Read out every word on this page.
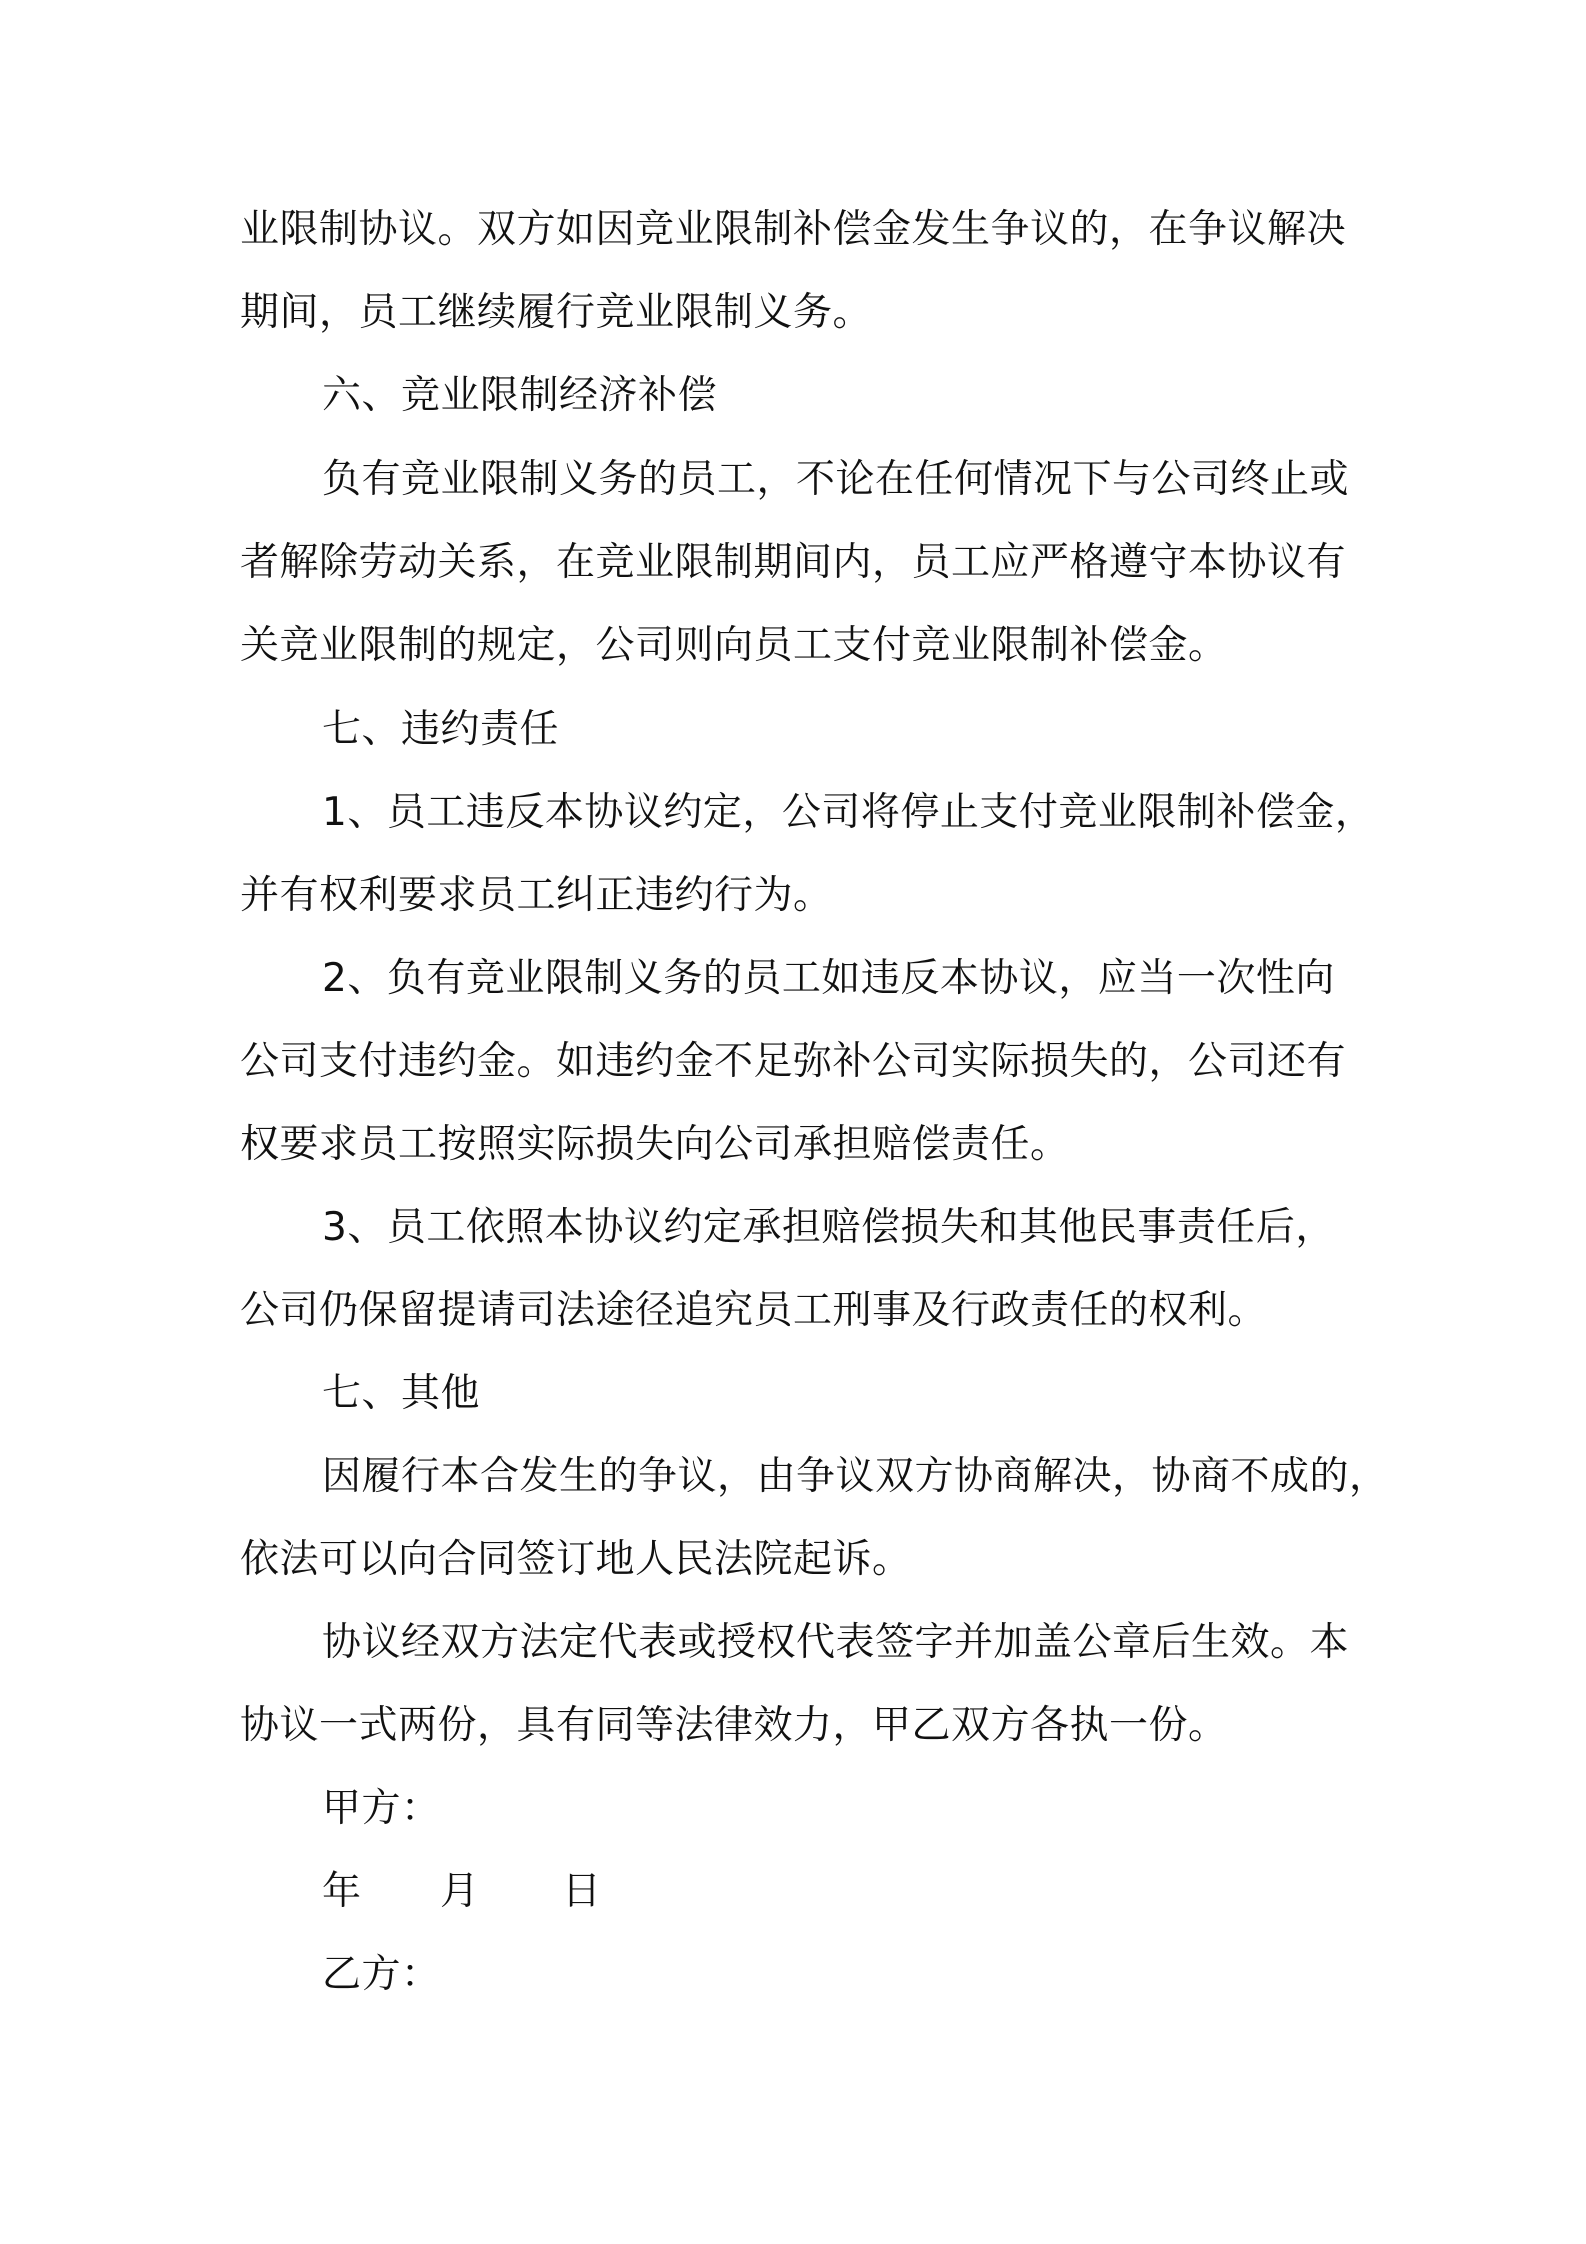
业限制协议。双方如因竞业限制补偿金发生争议的，在争议解决
期间，员工继续履行竞业限制义务。
六、竞业限制经济补偿
负有竞业限制义务的员工，不论在任何情况下与公司终止或
者解除劳动关系，在竞业限制期间内，员工应严格遵守本协议有
关竞业限制的规定，公司则向员工支付竞业限制补偿金。
七、违约责任
1、员工违反本协议约定，公司将停止支付竞业限制补偿金，
并有权利要求员工纠正违约行为。
2、负有竞业限制义务的员工如违反本协议，应当一次性向
公司支付违约金。如违约金不足弥补公司实际损失的，公司还有
权要求员工按照实际损失向公司承担赔偿责任。
3、员工依照本协议约定承担赔偿损失和其他民事责任后，
公司仍保留提请司法途径追究员工刑事及行政责任的权利。
七、其他
因履行本合发生的争议，由争议双方协商解决，协商不成的，
依法可以向合同签订地人民法院起诉。
协议经双方法定代表或授权代表签字并加盖公章后生效。本
协议一式两份，具有同等法律效力，甲乙双方各执一份。
甲方：
年 月 日
乙方：
